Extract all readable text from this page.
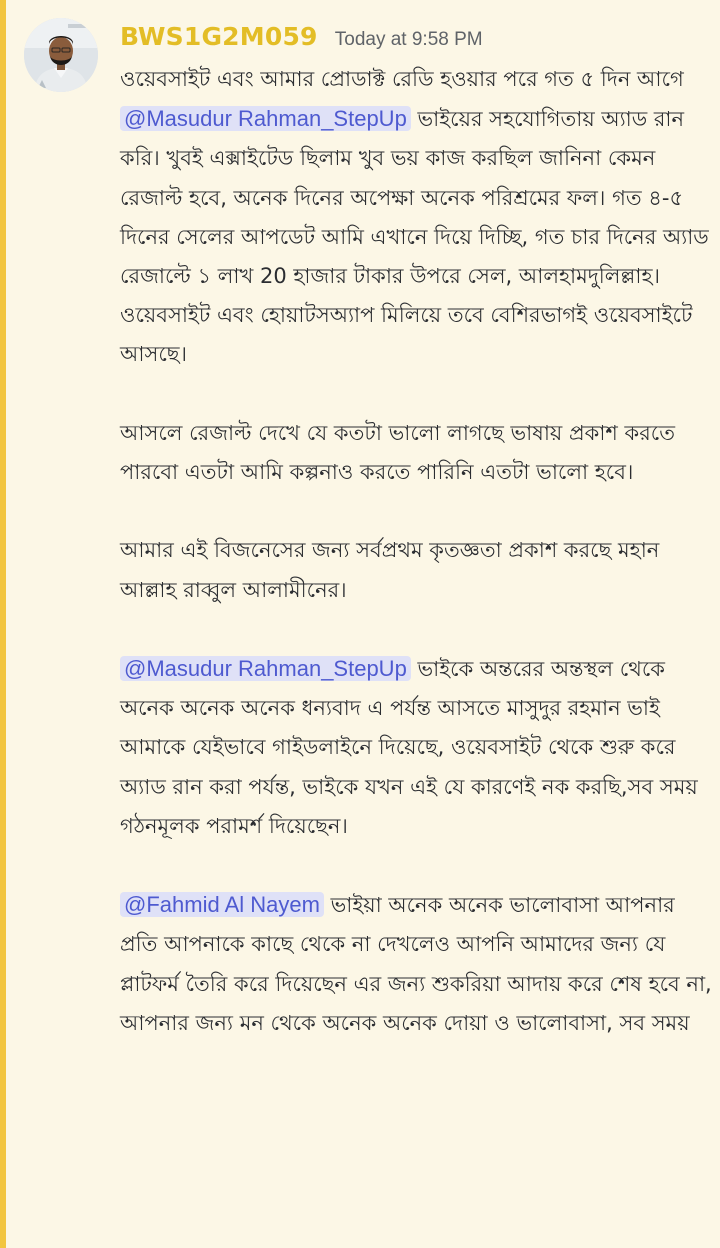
BWS1G2M059 Today at 9:58 PM

ওয়েবসাইট এবং আমার প্রোডাক্ট রেডি হওয়ার পরে গত ৫ দিন আগে @Masudur Rahman_StepUp ভাইয়ের সহযোগিতায় অ্যাড রান করি। খুবই এক্সাইটেড ছিলাম খুব ভয় কাজ করছিল জানিনা কেমন রেজাল্ট হবে, অনেক দিনের অপেক্ষা অনেক পরিশ্রমের ফল। গত ৪-৫ দিনের সেলের আপডেট আমি এখানে দিয়ে দিচ্ছি, গত চার দিনের অ্যাড রেজাল্টে ১ লাখ 20 হাজার টাকার উপরে সেল, আলহামদুলিল্লাহ।

ওয়েবসাইট এবং হোয়াটসঅ্যাপ মিলিয়ে তবে বেশিরভাগই ওয়েবসাইটে আসছে।

আসলে রেজাল্ট দেখে যে কতটা ভালো লাগছে ভাষায় প্রকাশ করতে পারবো এতটা আমি কল্পনাও করতে পারিনি এতটা ভালো হবে।

আমার এই বিজনেসের জন্য সর্বপ্রথম কৃতজ্ঞতা প্রকাশ করছে মহান আল্লাহ রাব্বুল আলামীনের।

@Masudur Rahman_StepUp ভাইকে অন্তরের অন্তস্থল থেকে অনেক অনেক অনেক ধন্যবাদ এ পর্যন্ত আসতে মাসুদুর রহমান ভাই আমাকে যেইভাবে গাইডলাইনে দিয়েছে, ওয়েবসাইট থেকে শুরু করে অ্যাড রান করা পর্যন্ত, ভাইকে যখন এই যে কারণেই নক করছি,সব সময় গঠনমূলক পরামর্শ দিয়েছেন।

@Fahmid Al Nayem ভাইয়া অনেক অনেক ভালোবাসা আপনার প্রতি আপনাকে কাছে থেকে না দেখলেও আপনি আমাদের জন্য যে প্লাটফর্ম তৈরি করে দিয়েছেন এর জন্য শুকরিয়া আদায় করে শেষ হবে না, আপনার জন্য মন থেকে অনেক অনেক দোয়া ও ভালোবাসা, সব সময়
